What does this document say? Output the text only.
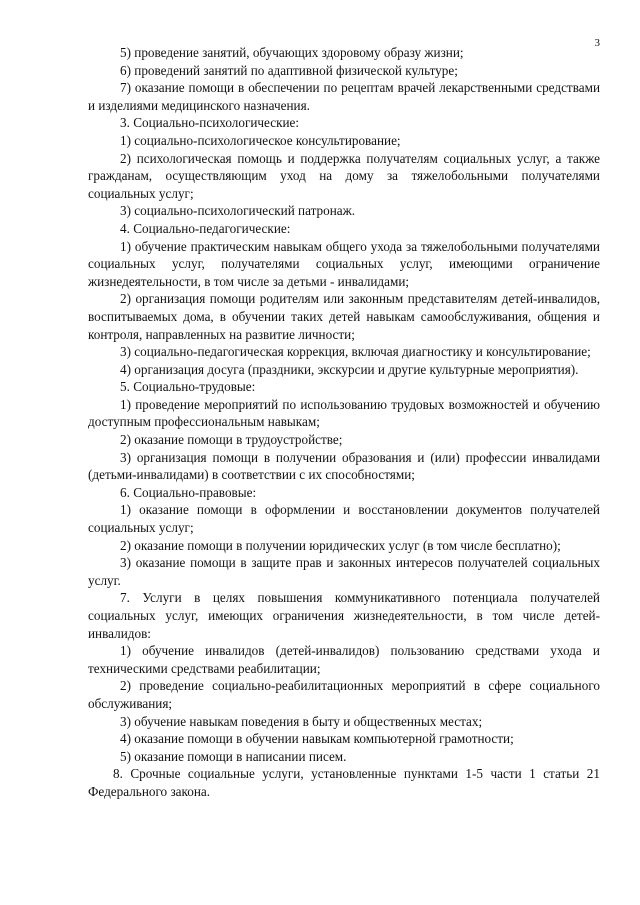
3

5) проведение занятий, обучающих здоровому образу жизни;

6) проведений занятий по адаптивной физической культуре;

7) оказание помощи в обеспечении по рецептам врачей лекарственными средствами и изделиями медицинского назначения.

3. Социально-психологические:

1) социально-психологическое консультирование;

2) психологическая помощь и поддержка получателям социальных услуг, а также гражданам, осуществляющим уход на дому за тяжелобольными получателями социальных услуг;

3) социально-психологический патронаж.

4. Социально-педагогические:

1) обучение практическим навыкам общего ухода за тяжелобольными получателями социальных услуг, получателями социальных услуг, имеющими ограничение жизнедеятельности, в том числе за детьми - инвалидами;

2) организация помощи родителям или законным представителям детей-инвалидов, воспитываемых дома, в обучении таких детей навыкам самообслуживания, общения и контроля, направленных на развитие личности;

3) социально-педагогическая коррекция, включая диагностику и консультирование;

4) организация досуга (праздники, экскурсии и другие культурные мероприятия).

5. Социально-трудовые:

1) проведение мероприятий по использованию трудовых возможностей и обучению доступным профессиональным навыкам;

2) оказание помощи в трудоустройстве;

3) организация помощи в получении образования и (или) профессии инвалидами (детьми-инвалидами) в соответствии с их способностями;

6. Социально-правовые:

1) оказание помощи в оформлении и восстановлении документов получателей социальных услуг;

2) оказание помощи в получении юридических услуг (в том числе бесплатно);

3) оказание помощи в защите прав и законных интересов получателей социальных услуг.

7. Услуги в целях повышения коммуникативного потенциала получателей социальных услуг, имеющих ограничения жизнедеятельности, в том числе детей-инвалидов:

1) обучение инвалидов (детей-инвалидов) пользованию средствами ухода и техническими средствами реабилитации;

2) проведение социально-реабилитационных мероприятий в сфере социального обслуживания;

3) обучение навыкам поведения в быту и общественных местах;

4) оказание помощи в обучении навыкам компьютерной грамотности;

5) оказание помощи в написании писем.

8. Срочные социальные услуги, установленные пунктами 1-5 части 1 статьи 21 Федерального закона.
